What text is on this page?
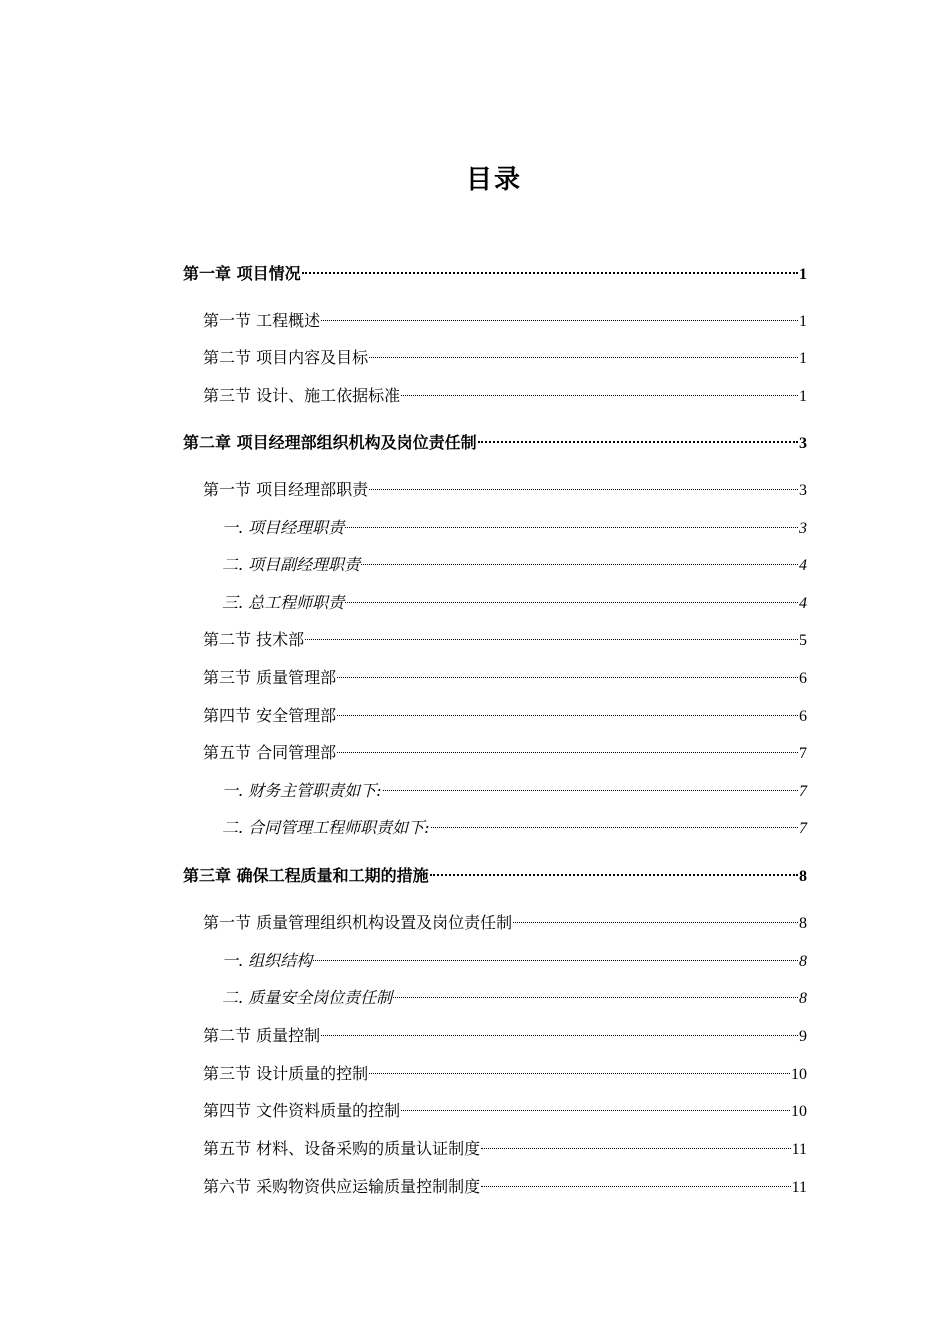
目录
第一章 项目情况	1
第一节 工程概述	1
第二节 项目内容及目标	1
第三节 设计、施工依据标准	1
第二章 项目经理部组织机构及岗位责任制	3
第一节 项目经理部职责	3
一. 项目经理职责	3
二. 项目副经理职责	4
三. 总工程师职责	4
第二节 技术部	5
第三节 质量管理部	6
第四节 安全管理部	6
第五节 合同管理部	7
一. 财务主管职责如下:	7
二. 合同管理工程师职责如下:	7
第三章 确保工程质量和工期的措施	8
第一节 质量管理组织机构设置及岗位责任制	8
一. 组织结构	8
二. 质量安全岗位责任制	8
第二节 质量控制	9
第三节 设计质量的控制	10
第四节 文件资料质量的控制	10
第五节 材料、设备采购的质量认证制度	11
第六节 采购物资供应运输质量控制制度	11
